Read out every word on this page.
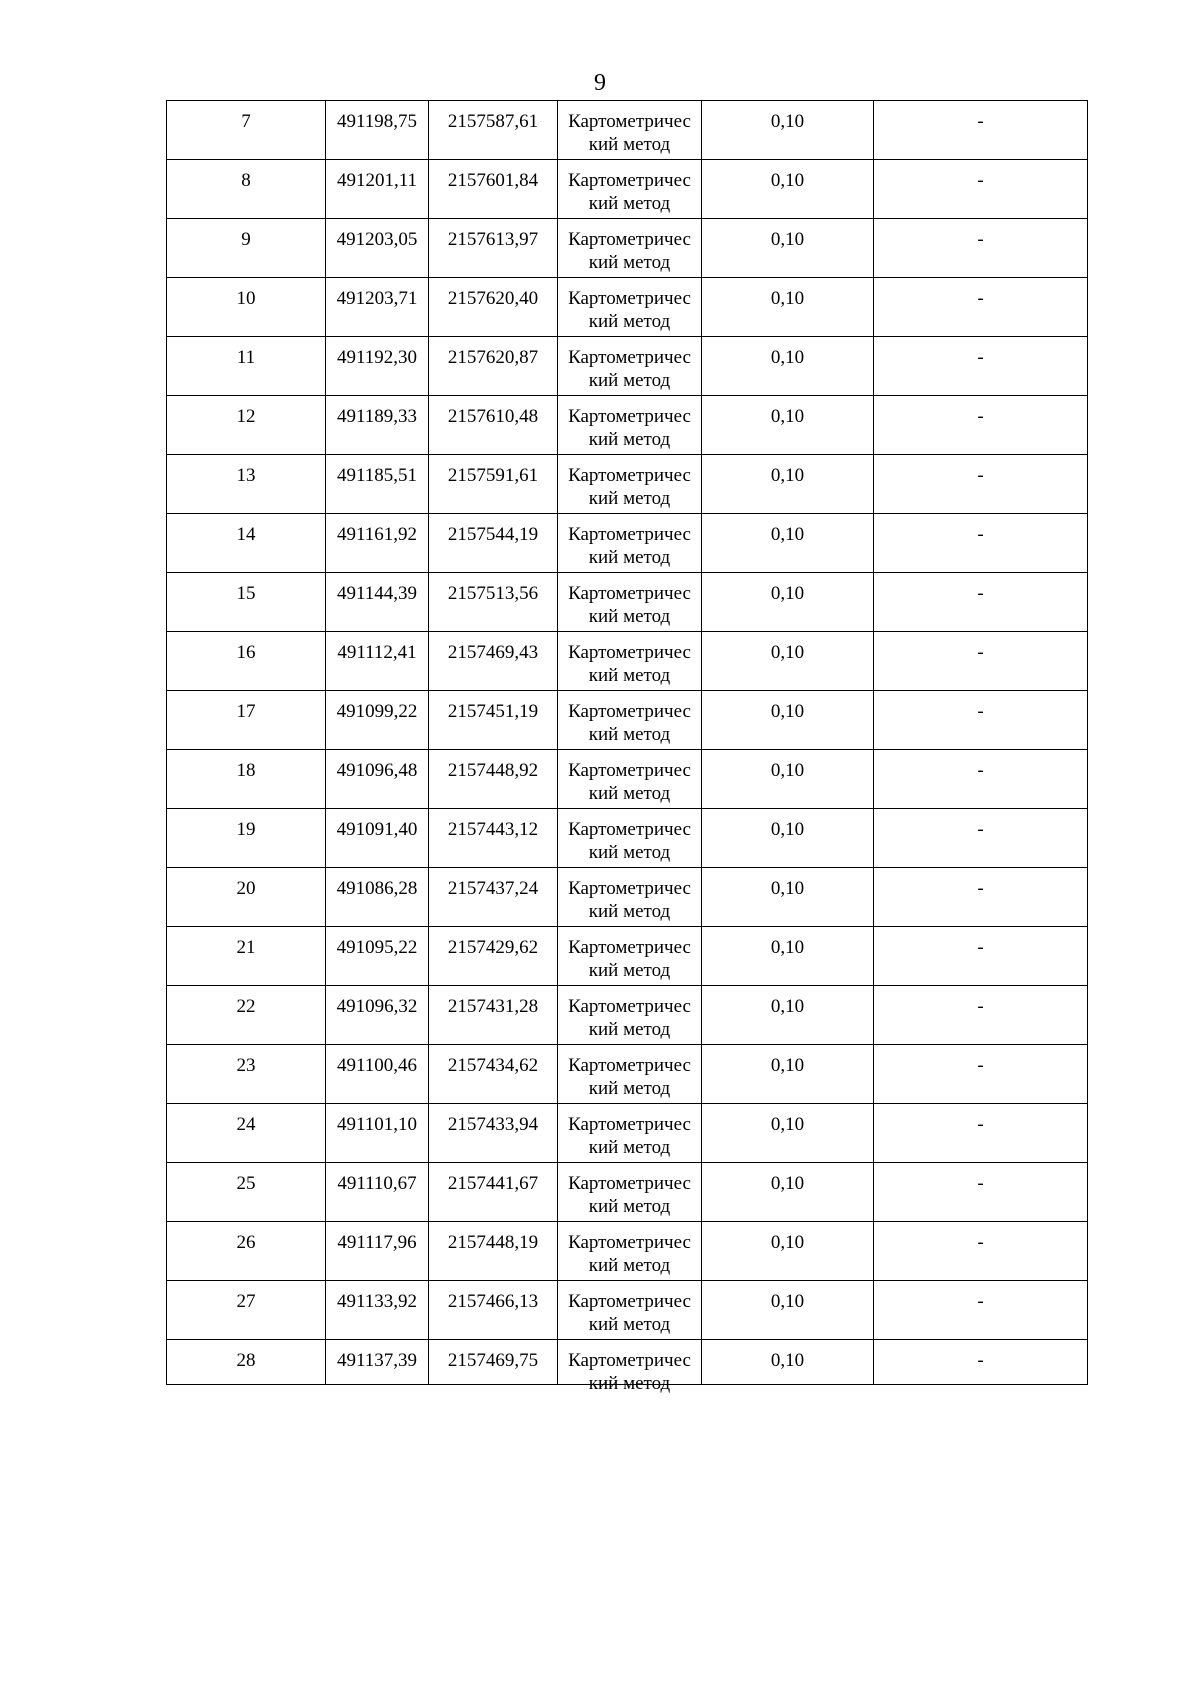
9
7	491198,75	2157587,61	Картометрический метод	0,10	-
8	491201,11	2157601,84	Картометрический метод	0,10	-
9	491203,05	2157613,97	Картометрический метод	0,10	-
10	491203,71	2157620,40	Картометрический метод	0,10	-
11	491192,30	2157620,87	Картометрический метод	0,10	-
12	491189,33	2157610,48	Картометрический метод	0,10	-
13	491185,51	2157591,61	Картометрический метод	0,10	-
14	491161,92	2157544,19	Картометрический метод	0,10	-
15	491144,39	2157513,56	Картометрический метод	0,10	-
16	491112,41	2157469,43	Картометрический метод	0,10	-
17	491099,22	2157451,19	Картометрический метод	0,10	-
18	491096,48	2157448,92	Картометрический метод	0,10	-
19	491091,40	2157443,12	Картометрический метод	0,10	-
20	491086,28	2157437,24	Картометрический метод	0,10	-
21	491095,22	2157429,62	Картометрический метод	0,10	-
22	491096,32	2157431,28	Картометрический метод	0,10	-
23	491100,46	2157434,62	Картометрический метод	0,10	-
24	491101,10	2157433,94	Картометрический метод	0,10	-
25	491110,67	2157441,67	Картометрический метод	0,10	-
26	491117,96	2157448,19	Картометрический метод	0,10	-
27	491133,92	2157466,13	Картометрический метод	0,10	-
28	491137,39	2157469,75	Картометрический метод	0,10	-
